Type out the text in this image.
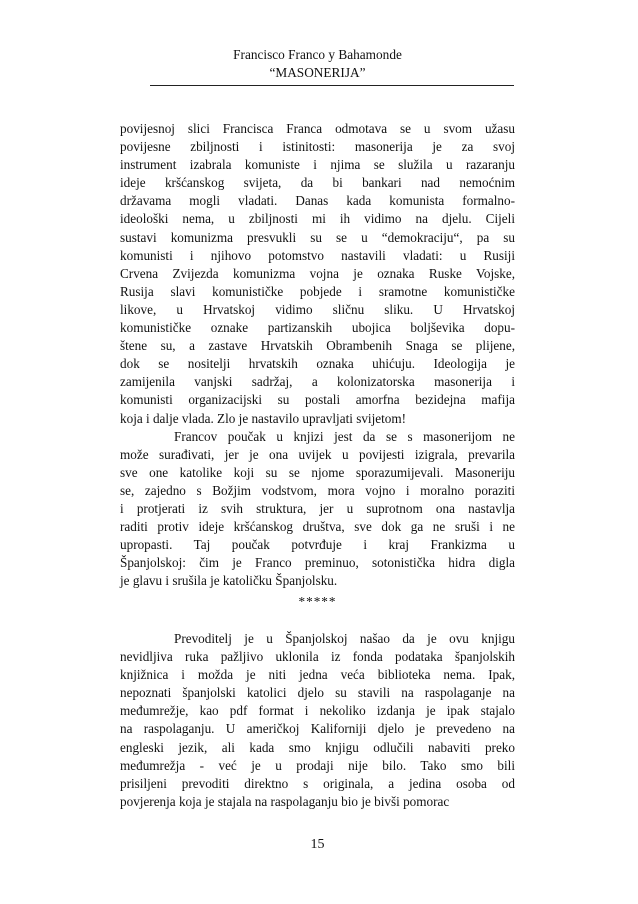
Francisco Franco y Bahamonde
“MASONERIJA”
povijesnoj slici Francisca Franca odmotava se u svom užasu
povijesne zbiljnosti i istinitosti: masonerija je za svoj
instrument izabrala komuniste i njima se služila u razaranju
ideje kršćanskog svijeta, da bi bankari nad nemoćnim
državama mogli vladati. Danas kada komunista formalno-
ideološki nema, u zbiljnosti mi ih vidimo na djelu. Cijeli
sustavi komunizma presvukli su se u “demokraciju“, pa su
komunisti i njihovo potomstvo nastavili vladati: u Rusiji
Crvena Zvijezda komunizma vojna je oznaka Ruske Vojske,
Rusija slavi komunističke pobjede i sramotne komunističke
likove, u Hrvatskoj vidimo sličnu sliku. U Hrvatskoj
komunističke oznake partizanskih ubojica boljševika dopu-
štene su, a zastave Hrvatskih Obrambenih Snaga se plijene,
dok se nositelji hrvatskih oznaka uhićuju. Ideologija je
zamijenila vanjski sadržaj, a kolonizatorska masonerija i
komunisti organizacijski su postali amorfna bezidejna mafija
koja i dalje vlada. Zlo je nastavilo upravljati svijetom!
Francov poučak u knjizi jest da se s masonerijom ne
može surađivati, jer je ona uvijek u povijesti izigrala, prevarila
sve one katolike koji su se njome sporazumijevali. Masoneriju
se, zajedno s Božjim vodstvom, mora vojno i moralno poraziti
i protjerati iz svih struktura, jer u suprotnom ona nastavlja
raditi protiv ideje kršćanskog društva, sve dok ga ne sruši i ne
upropasti. Taj poučak potvrđuje i kraj Frankizma u
Španjolskoj: čim je Franco preminuo, sotonistička hidra digla
je glavu i srušila je katoličku Španjolsku.
*****
Prevoditelj je u Španjolskoj našao da je ovu knjigu
nevidljiva ruka pažljivo uklonila iz fonda podataka španjolskih
knjižnica i možda je niti jedna veća biblioteka nema. Ipak,
nepoznati španjolski katolici djelo su stavili na raspolaganje na
međumrežje, kao pdf format i nekoliko izdanja je ipak stajalo
na raspolaganju. U američkoj Kaliforniji djelo je prevedeno na
engleski jezik, ali kada smo knjigu odlučili nabaviti preko
međumrežja - već je u prodaji nije bilo. Tako smo bili
prisiljeni prevoditi direktno s originala, a jedina osoba od
povjerenja koja je stajala na raspolaganju bio je bivši pomorac
15
